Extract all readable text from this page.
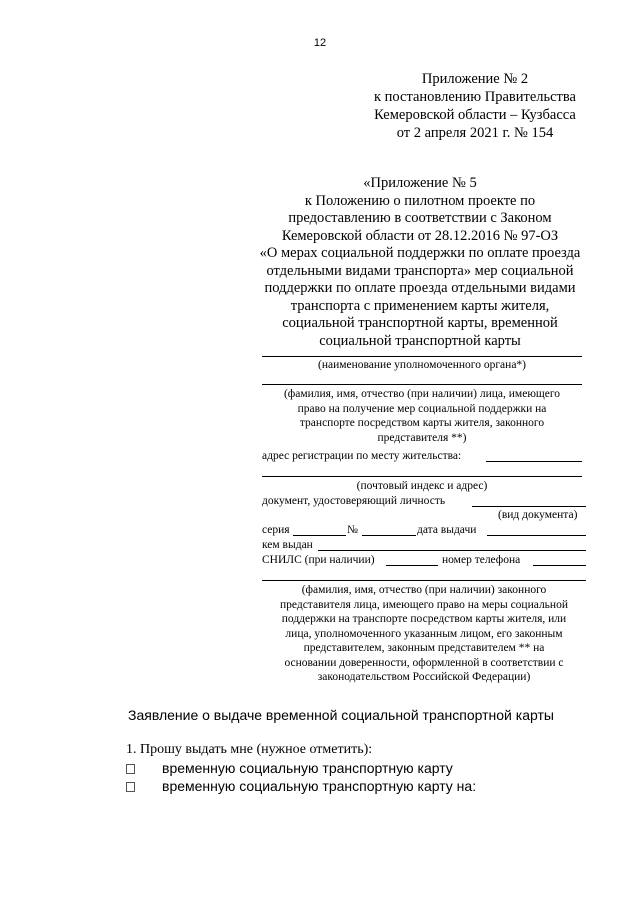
12
Приложение № 2
к постановлению Правительства
Кемеровской области – Кузбасса
от 2 апреля 2021 г. № 154
«Приложение № 5
к Положению о пилотном проекте по
предоставлению в соответствии с Законом
Кемеровской области от 28.12.2016 № 97-ОЗ
«О мерах социальной поддержки по оплате проезда
отдельными видами транспорта» мер социальной
поддержки по оплате проезда отдельными видами
транспорта с применением карты жителя,
социальной транспортной карты, временной
социальной транспортной карты
(наименование уполномоченного органа*)
(фамилия, имя, отчество (при наличии) лица, имеющего
право на получение мер социальной поддержки на
транспорте посредством карты жителя, законного
представителя **)
адрес регистрации по месту жительства:
(почтовый индекс и адрес)
документ, удостоверяющий личность
(вид документа)
серия	№	дата выдачи
кем выдан
СНИЛС (при наличии)	номер телефона
(фамилия, имя, отчество (при наличии) законного
представителя лица, имеющего право на меры социальной
поддержки на транспорте посредством карты жителя, или
лица, уполномоченного указанным лицом, его законным
представителем, законным представителем ** на
основании доверенности, оформленной в соответствии с
законодательством Российской Федерации)
Заявление о выдаче временной социальной транспортной карты
1. Прошу выдать мне (нужное отметить):
временную социальную транспортную карту
временную социальную транспортную карту на:
